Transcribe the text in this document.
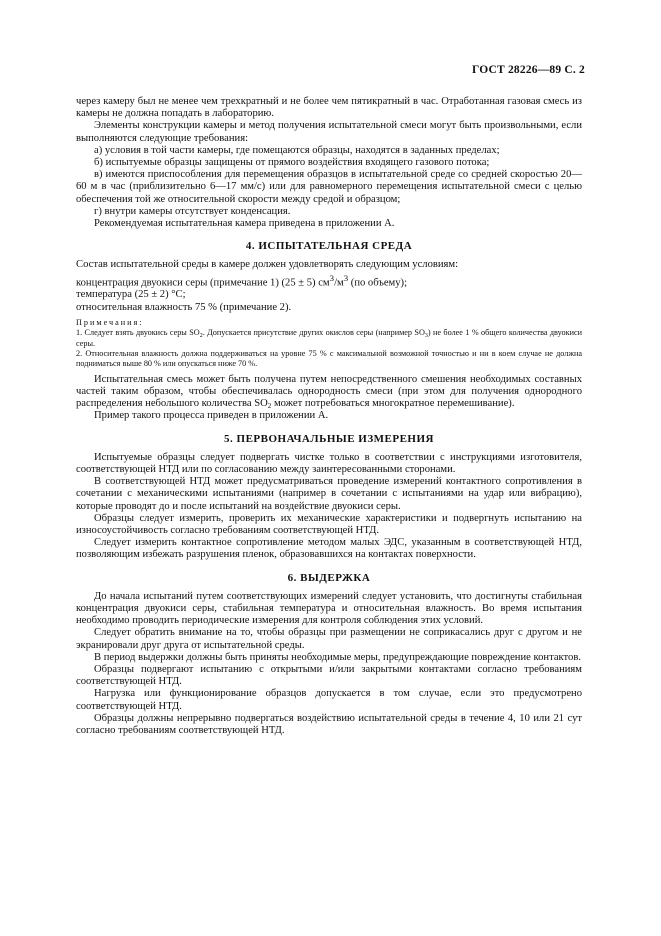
ГОСТ 28226—89 С. 2

через камеру был не менее чем трехкратный и не более чем пятикратный в час. Отработанная газовая смесь из камеры не должна попадать в лабораторию.

Элементы конструкции камеры и метод получения испытательной смеси могут быть произвольными, если выполняются следующие требования:

а) условия в той части камеры, где помещаются образцы, находятся в заданных пределах;

б) испытуемые образцы защищены от прямого воздействия входящего газового потока;

в) имеются приспособления для перемещения образцов в испытательной среде со средней скоростью 20—60 м в час (приблизительно 6—17 мм/с) или для равномерного перемещения испытательной смеси с целью обеспечения той же относительной скорости между средой и образцом;

г) внутри камеры отсутствует конденсация.

Рекомендуемая испытательная камера приведена в приложении А.

4. ИСПЫТАТЕЛЬНАЯ СРЕДА

Состав испытательной среды в камере должен удовлетворять следующим условиям:

концентрация двуокиси серы (примечание 1) (25 ± 5) $см^3/м^3$ (по объему);

температура (25 ± 2) °С;

относительная влажность 75 % (примечание 2).

Примечания:

1. Следует взять двуокись серы $SO_2$. Допускается присутствие других окислов серы (например $SO_3$) не более 1 % общего количества двуокиси серы.

2. Относительная влажность должна поддерживаться на уровне 75 % с максимальной возможной точностью и ни в коем случае не должна подниматься выше 80 % или опускаться ниже 70 %.

Испытательная смесь может быть получена путем непосредственного смешения необходимых составных частей таким образом, чтобы обеспечивалась однородность смеси (при этом для получения однородного распределения небольшого количества $SO_2$ может потребоваться многократное перемешивание).

Пример такого процесса приведен в приложении А.

5. ПЕРВОНАЧАЛЬНЫЕ ИЗМЕРЕНИЯ

Испытуемые образцы следует подвергать чистке только в соответствии с инструкциями изготовителя, соответствующей НТД или по согласованию между заинтересованными сторонами.

В соответствующей НТД может предусматриваться проведение измерений контактного сопротивления в сочетании с механическими испытаниями (например в сочетании с испытаниями на удар или вибрацию), которые проводят до и после испытаний на воздействие двуокиси серы.

Образцы следует измерить, проверить их механические характеристики и подвергнуть испытанию на износоустойчивость согласно требованиям соответствующей НТД.

Следует измерить контактное сопротивление методом малых ЭДС, указанным в соответствующей НТД, позволяющим избежать разрушения пленок, образовавшихся на контактах поверхности.

6. ВЫДЕРЖКА

До начала испытаний путем соответствующих измерений следует установить, что достигнуты стабильная концентрация двуокиси серы, стабильная температура и относительная влажность. Во время испытания необходимо проводить периодические измерения для контроля соблюдения этих условий.

Следует обратить внимание на то, чтобы образцы при размещении не соприкасались друг с другом и не экранировали друг друга от испытательной среды.

В период выдержки должны быть приняты необходимые меры, предупреждающие повреждение контактов.

Образцы подвергают испытанию с открытыми и/или закрытыми контактами согласно требованиям соответствующей НТД.

Нагрузка или функционирование образцов допускается в том случае, если это предусмотрено соответствующей НТД.

Образцы должны непрерывно подвергаться воздействию испытательной среды в течение 4, 10 или 21 сут согласно требованиям соответствующей НТД.
